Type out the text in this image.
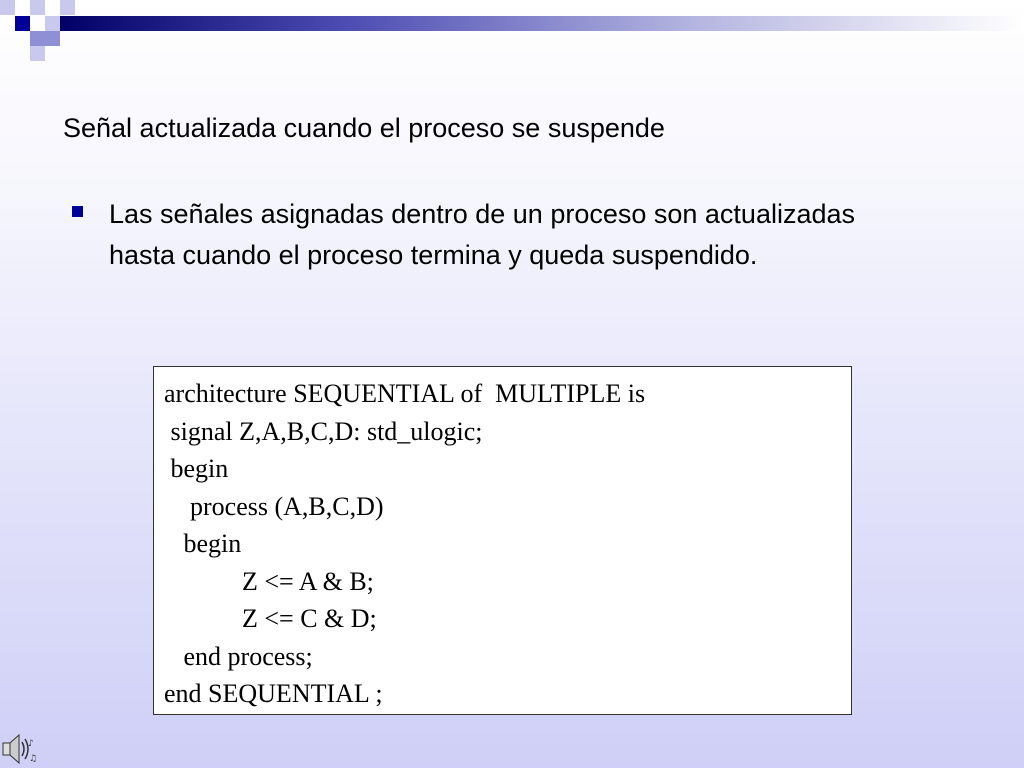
Señal actualizada cuando el proceso se suspende
Las señales asignadas dentro de un proceso son actualizadas hasta cuando el proceso termina y queda suspendido.
architecture SEQUENTIAL of  MULTIPLE is
signal Z,A,B,C,D: std_ulogic;
begin
process (A,B,C,D)
begin
Z <= A & B;
Z <= C & D;
end process;
end SEQUENTIAL ;
♪
♫
